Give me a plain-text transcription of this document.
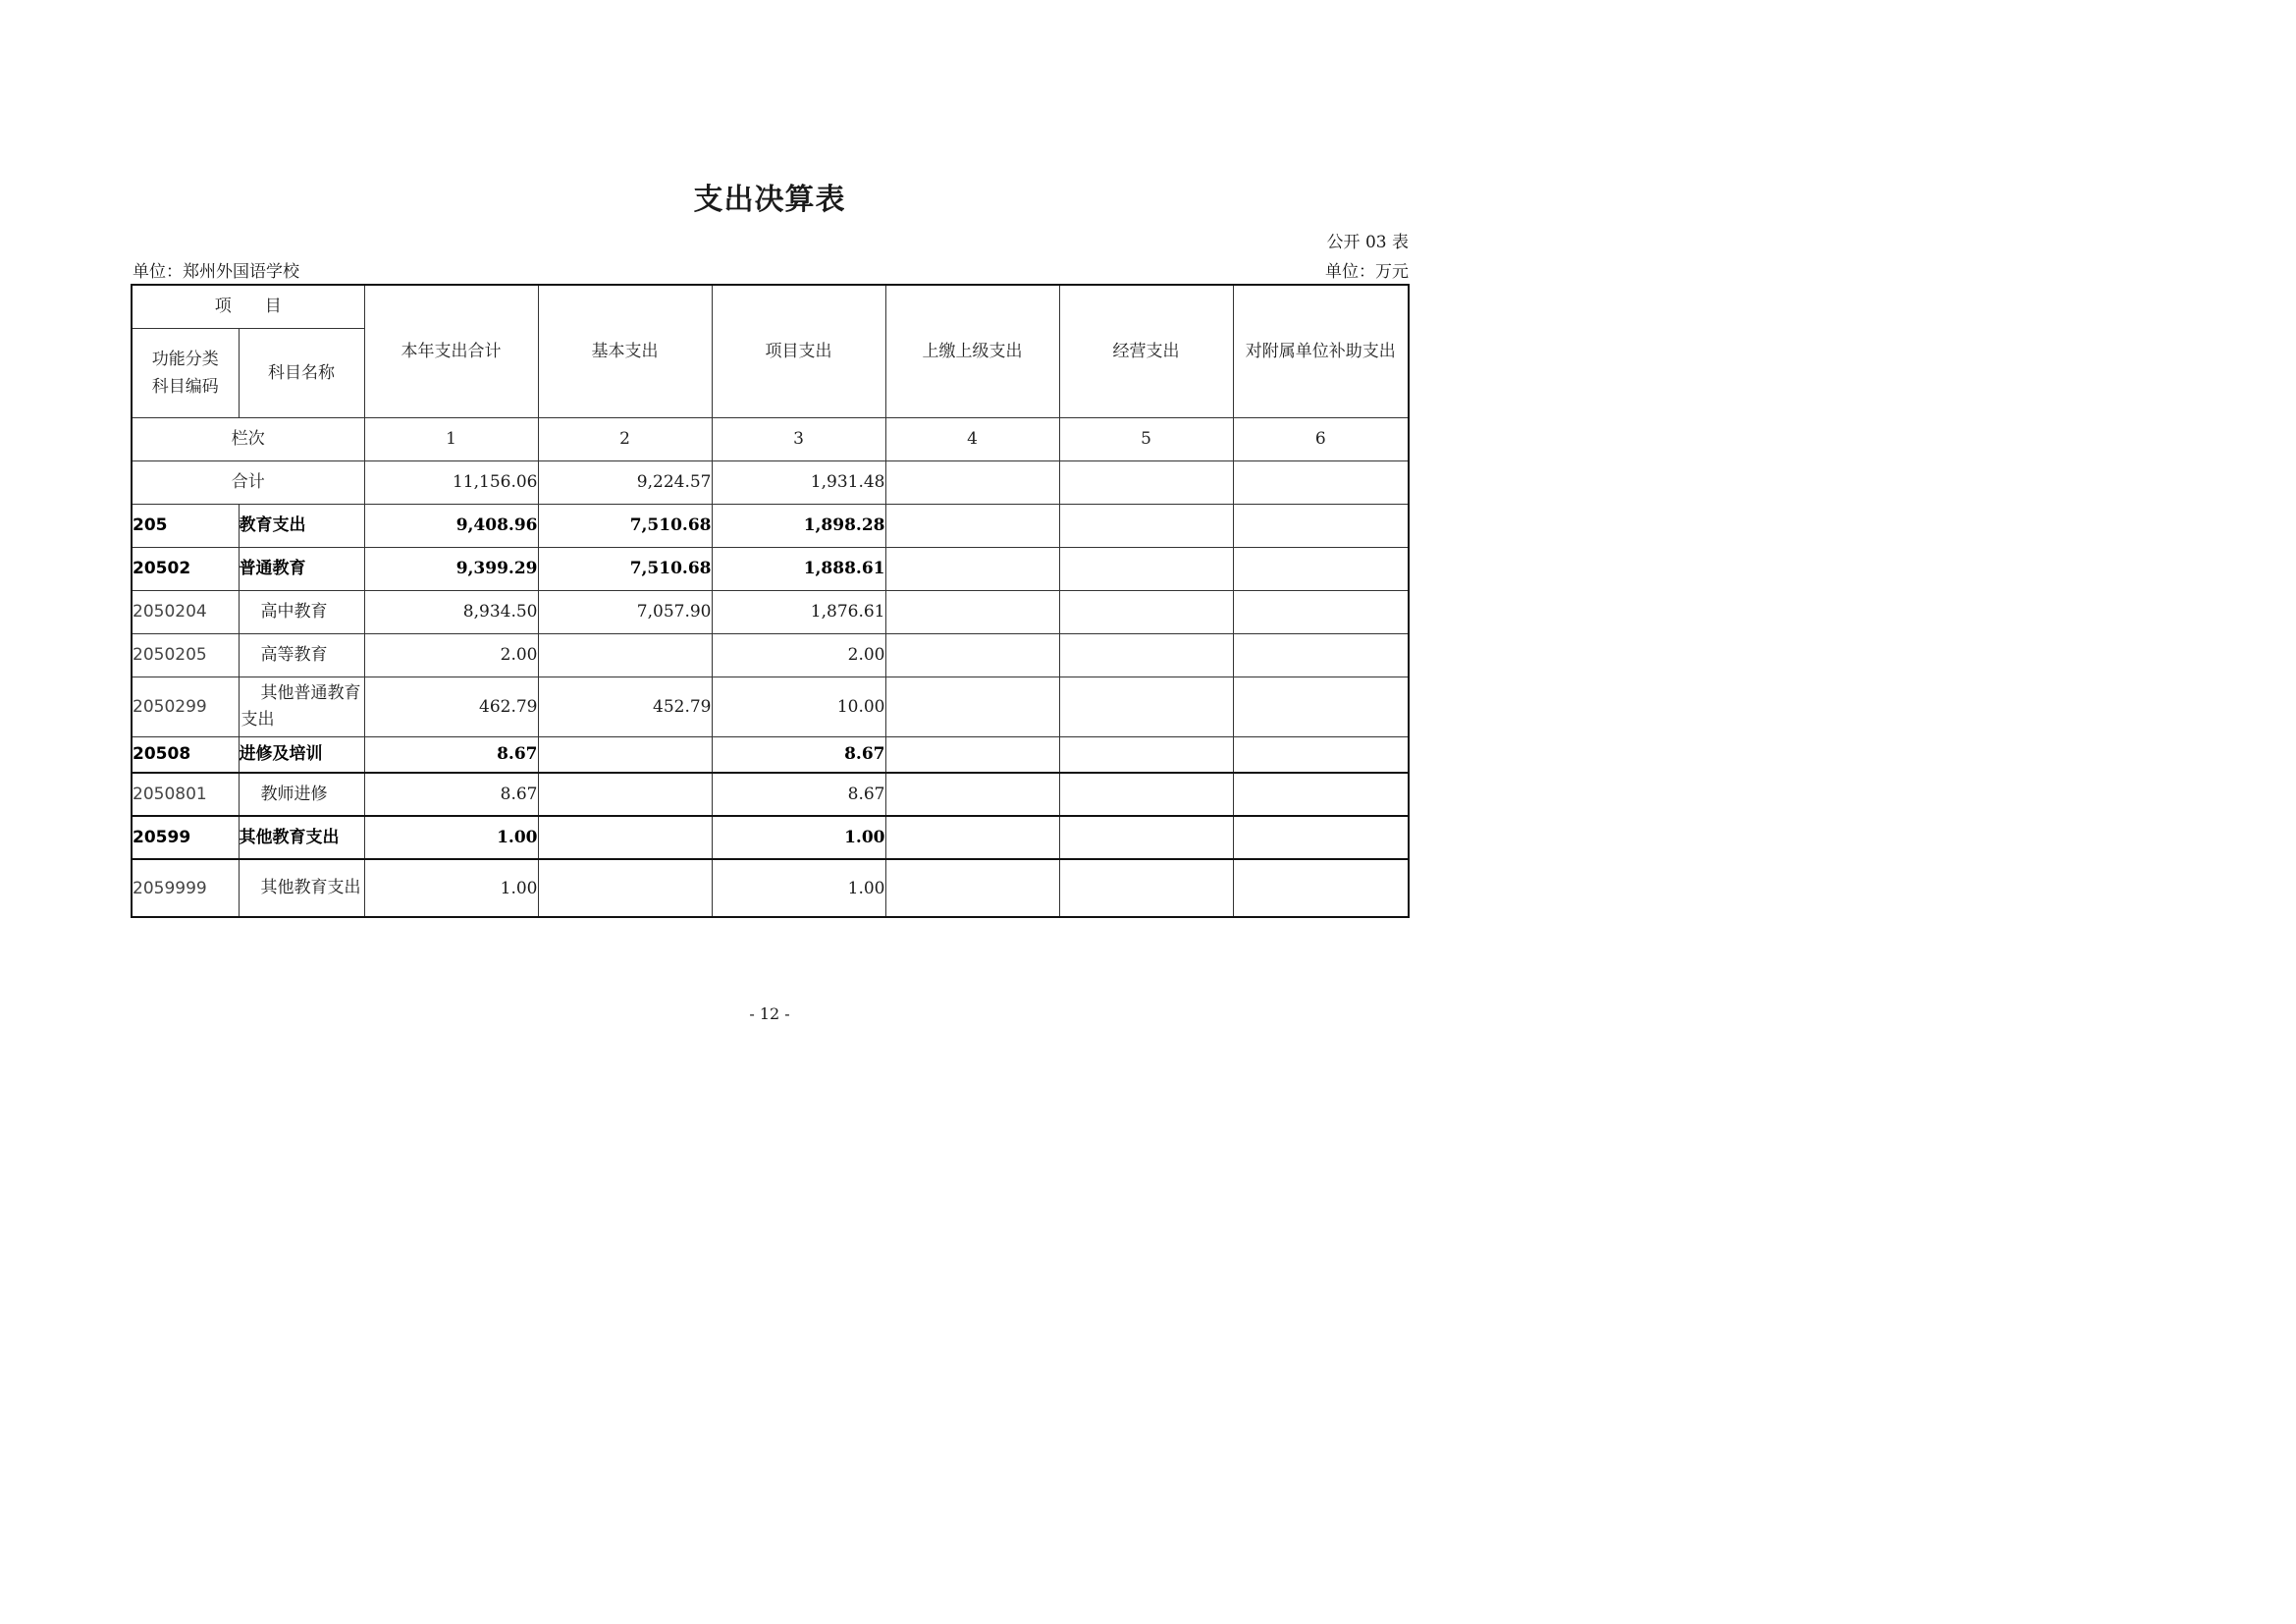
支出决算表
公开 03 表
单位：郑州外国语学校	单位：万元
项　　目		本年支出合计	基本支出	项目支出	上缴上级支出	经营支出	对附属单位补助支出

功能分类
科目编码	科目名称						
栏次		1	2	3	4	5	6
合计		11,156.06	9,224.57	1,931.48			
205	教育支出	9,408.96	7,510.68	1,898.28			
20502	普通教育	9,399.29	7,510.68	1,888.61			
2050204	高中教育	8,934.50	7,057.90	1,876.61			
2050205	高等教育	2.00		2.00			
2050299	其他普通教育支出	462.79	452.79	10.00			
20508	进修及培训	8.67		8.67			
2050801	教师进修	8.67		8.67			
20599	其他教育支出	1.00		1.00			
2059999	其他教育支出	1.00		1.00			
- 12 -
